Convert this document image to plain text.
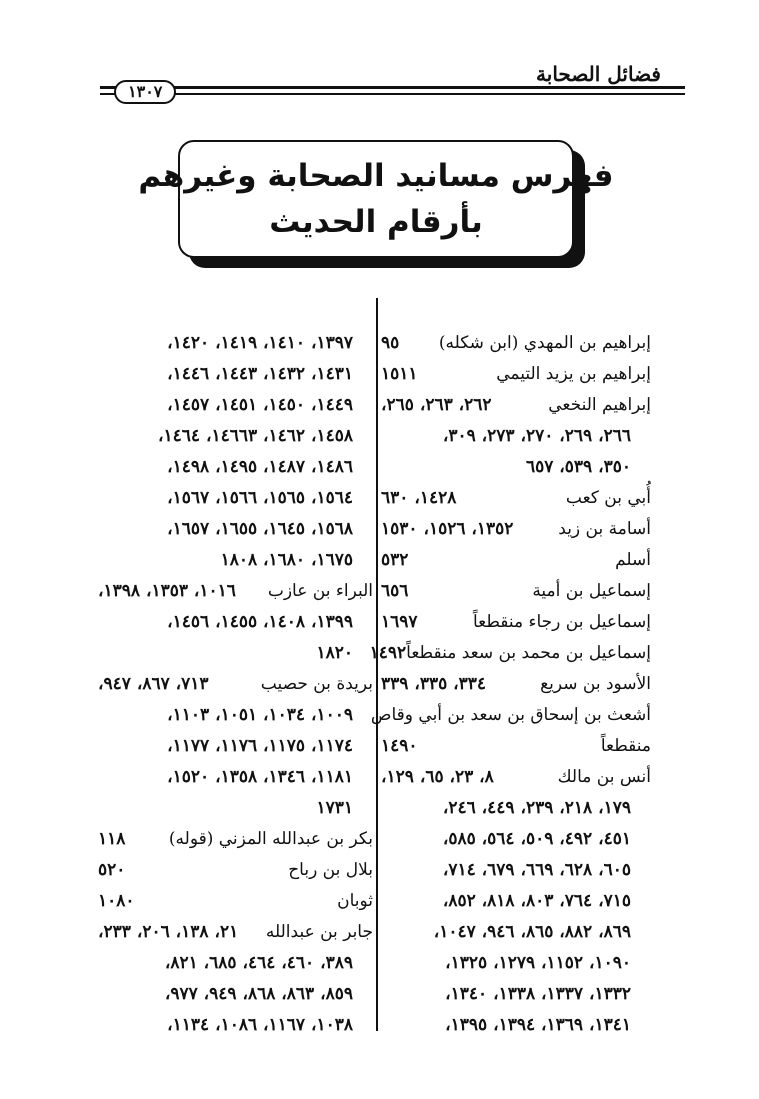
فضائل الصحابة
١٣٠٧
فهرس مسانيد الصحابة وغيرهم
بأرقام الحديث
إبراهيم بن المهدي (ابن شكله)
٩٥
إبراهيم بن يزيد التيمي
١٥١١
إبراهيم النخعي
٢٦٢، ٢٦٣، ٢٦٥،
٢٦٦، ٢٦٩، ٢٧٠، ٢٧٣، ٣٠٩،
٣٥٠، ٥٣٩، ٦٥٧
أُبي بن كعب
١٤٢٨، ٦٣٠
أسامة بن زيد
١٣٥٢، ١٥٢٦، ١٥٣٠
أسلم
٥٣٢
إسماعيل بن أمية
٦٥٦
إسماعيل بن رجاء منقطعاً
١٦٩٧
إسماعيل بن محمد بن سعد منقطعاً
١٤٩٢
الأسود بن سريع
٣٣٤، ٣٣٥، ٣٣٩
أشعث بن إسحاق بن سعد بن أبي وقاص
منقطعاً
١٤٩٠
أنس بن مالك
٨، ٢٣، ٦٥، ١٢٩،
١٧٩، ٢١٨، ٢٣٩، ٤٤٩، ٢٤٦،
٤٥١، ٤٩٢، ٥٠٩، ٥٦٤، ٥٨٥،
٦٠٥، ٦٢٨، ٦٦٩، ٦٧٩، ٧١٤،
٧١٥، ٧٦٤، ٨٠٣، ٨١٨، ٨٥٢،
٨٦٩، ٨٨٢، ٨٦٥، ٩٤٦، ١٠٤٧،
١٠٩٠، ١١٥٢، ١٢٧٩، ١٣٢٥،
١٣٣٢، ١٣٣٧، ١٣٣٨، ١٣٤٠،
١٣٤١، ١٣٦٩، ١٣٩٤، ١٣٩٥،
١٣٩٧، ١٤١٠، ١٤١٩، ١٤٢٠،
١٤٣١، ١٤٣٢، ١٤٤٣، ١٤٤٦،
١٤٤٩، ١٤٥٠، ١٤٥١، ١٤٥٧،
١٤٥٨، ١٤٦٢، ١٤٦٦٣، ١٤٦٤،
١٤٨٦، ١٤٨٧، ١٤٩٥، ١٤٩٨،
١٥٦٤، ١٥٦٥، ١٥٦٦، ١٥٦٧،
١٥٦٨، ١٦٤٥، ١٦٥٥، ١٦٥٧،
١٦٧٥، ١٦٨٠، ١٨٠٨
البراء بن عازب
١٠١٦، ١٣٥٣، ١٣٩٨،
١٣٩٩، ١٤٠٨، ١٤٥٥، ١٤٥٦،
١٨٢٠
بريدة بن حصيب
٧١٣، ٨٦٧، ٩٤٧،
١٠٠٩، ١٠٣٤، ١٠٥١، ١١٠٣،
١١٧٤، ١١٧٥، ١١٧٦، ١١٧٧،
١١٨١، ١٣٤٦، ١٣٥٨، ١٥٢٠،
١٧٣١
بكر بن عبدالله المزني (قوله)
١١٨
بلال بن رباح
٥٢٠
ثوبان
١٠٨٠
جابر بن عبدالله
٢١، ١٣٨، ٢٠٦، ٢٣٣،
٣٨٩، ٤٦٠، ٤٦٤، ٦٨٥، ٨٢١،
٨٥٩، ٨٦٣، ٨٦٨، ٩٤٩، ٩٧٧،
١٠٣٨، ١١٦٧، ١٠٨٦، ١١٣٤،
